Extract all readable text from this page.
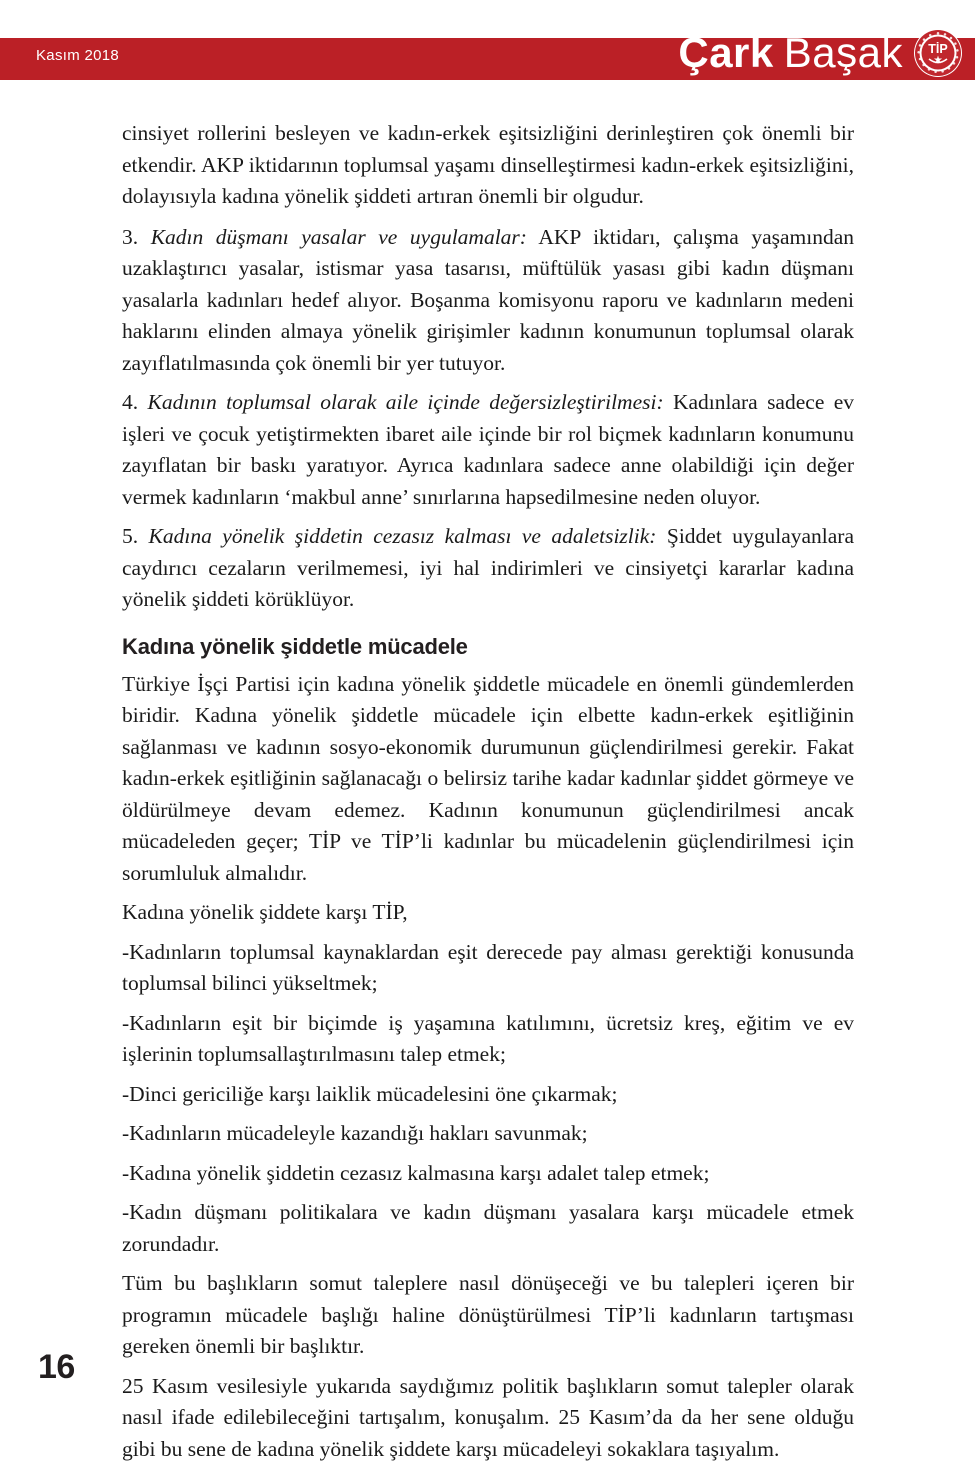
Kasım 2018	Çark Başak TİP

cinsiyet rollerini besleyen ve kadın-erkek eşitsizliğini derinleştiren çok önemli bir etkendir. AKP iktidarının toplumsal yaşamı dinselleştirmesi kadın-erkek eşitsizliğini, dolayısıyla kadına yönelik şiddeti artıran önemli bir olgudur.

3. Kadın düşmanı yasalar ve uygulamalar: AKP iktidarı, çalışma yaşamından uzaklaştırıcı yasalar, istismar yasa tasarısı, müftülük yasası gibi kadın düşmanı yasalarla kadınları hedef alıyor. Boşanma komisyonu raporu ve kadınların medeni haklarını elinden almaya yönelik girişimler kadının konumunun toplumsal olarak zayıflatılmasında çok önemli bir yer tutuyor.

4. Kadının toplumsal olarak aile içinde değersizleştirilmesi: Kadınlara sadece ev işleri ve çocuk yetiştirmekten ibaret aile içinde bir rol biçmek kadınların konumunu zayıflatan bir baskı yaratıyor. Ayrıca kadınlara sadece anne olabildiği için değer vermek kadınların ‘makbul anne’ sınırlarına hapsedilmesine neden oluyor.

5. Kadına yönelik şiddetin cezasız kalması ve adaletsizlik: Şiddet uygulayanlara caydırıcı cezaların verilmemesi, iyi hal indirimleri ve cinsiyetçi kararlar kadına yönelik şiddeti körüklüyor.

Kadına yönelik şiddetle mücadele

Türkiye İşçi Partisi için kadına yönelik şiddetle mücadele en önemli gündemlerden biridir. Kadına yönelik şiddetle mücadele için elbette kadın-erkek eşitliğinin sağlanması ve kadının sosyo-ekonomik durumunun güçlendirilmesi gerekir. Fakat kadın-erkek eşitliğinin sağlanacağı o belirsiz tarihe kadar kadınlar şiddet görmeye ve öldürülmeye devam edemez. Kadının konumunun güçlendirilmesi ancak mücadeleden geçer; TİP ve TİP’li kadınlar bu mücadelenin güçlendirilmesi için sorumluluk almalıdır.

Kadına yönelik şiddete karşı TİP,

-Kadınların toplumsal kaynaklardan eşit derecede pay alması gerektiği konusunda toplumsal bilinci yükseltmek;

-Kadınların eşit bir biçimde iş yaşamına katılımını, ücretsiz kreş, eğitim ve ev işlerinin toplumsallaştırılmasını talep etmek;

-Dinci gericiliğe karşı laiklik mücadelesini öne çıkarmak;

-Kadınların mücadeleyle kazandığı hakları savunmak;

-Kadına yönelik şiddetin cezasız kalmasına karşı adalet talep etmek;

-Kadın düşmanı politikalara ve kadın düşmanı yasalara karşı mücadele etmek zorundadır.

Tüm bu başlıkların somut taleplere nasıl dönüşeceği ve bu talepleri içeren bir programın mücadele başlığı haline dönüştürülmesi TİP’li kadınların tartışması gereken önemli bir başlıktır.

25 Kasım vesilesiyle yukarıda saydığımız politik başlıkların somut talepler olarak nasıl ifade edilebileceğini tartışalım, konuşalım. 25 Kasım’da da her sene olduğu gibi bu sene de kadına yönelik şiddete karşı mücadeleyi sokaklara taşıyalım.

16
